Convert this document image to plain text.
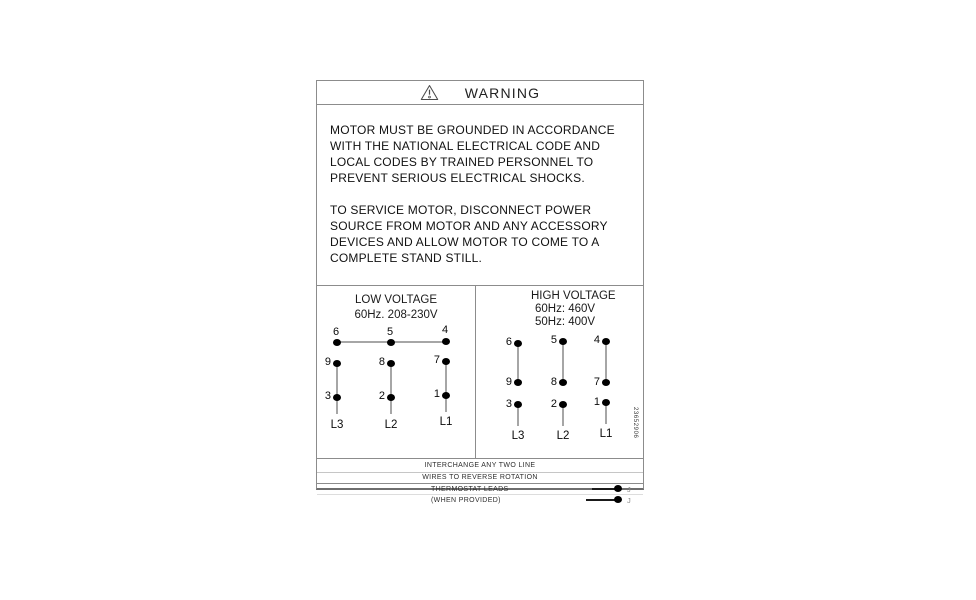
WARNING
MOTOR MUST BE GROUNDED IN ACCORDANCE
WITH THE NATIONAL ELECTRICAL CODE AND
LOCAL CODES BY TRAINED PERSONNEL TO
PREVENT SERIOUS ELECTRICAL SHOCKS.
TO SERVICE MOTOR, DISCONNECT POWER
SOURCE FROM MOTOR AND ANY ACCESSORY
DEVICES AND ALLOW MOTOR TO COME TO A
COMPLETE STAND STILL.
LOW VOLTAGE
60Hz. 208-230V
6	5	4
9	8	7
3	2	1
L3	L2	L1
HIGH VOLTAGE
60Hz: 460V
50Hz: 400V
6	5	4
9	8	7
3	2	1
L3	L2	L1	23652906
INTERCHANGE ANY TWO LINE
WIRES TO REVERSE ROTATION
THERMOSTAT LEADS	J
(WHEN PROVIDED)	J
